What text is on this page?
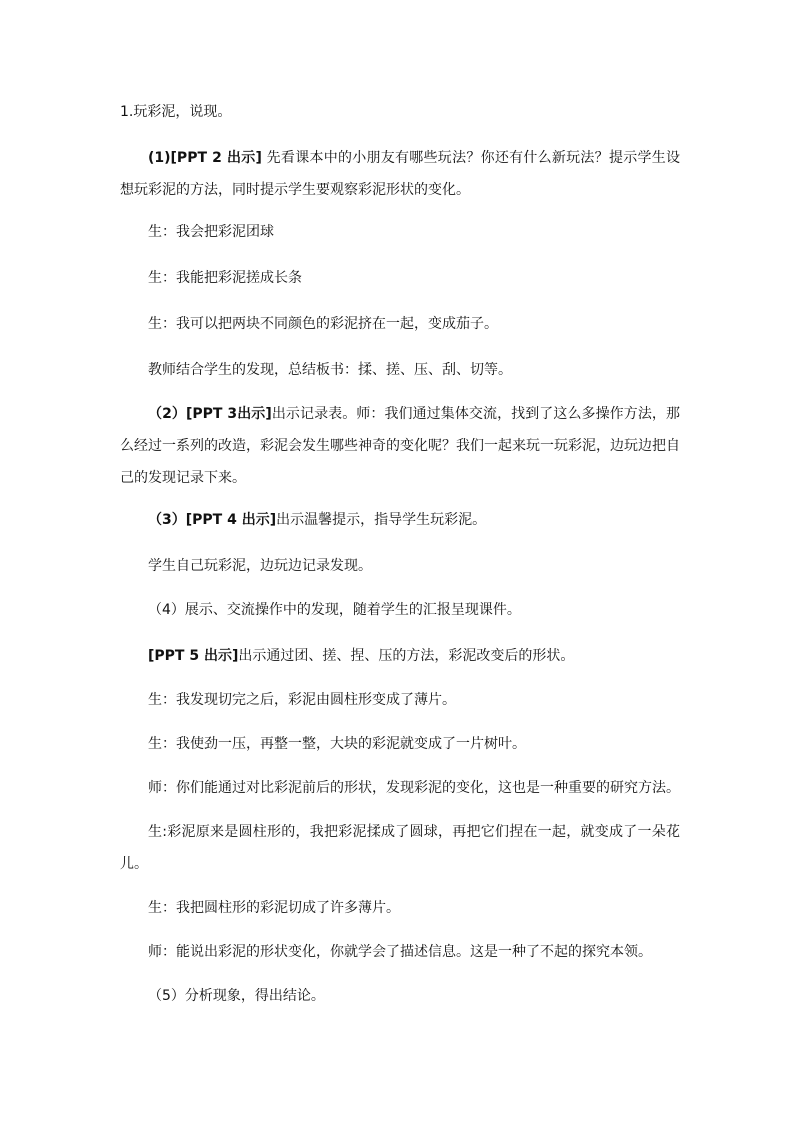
1.玩彩泥，说现。

(1)[PPT 2 出示] 先看课本中的小朋友有哪些玩法？你还有什么新玩法？提示学生设想玩彩泥的方法，同时提示学生要观察彩泥形状的变化。

生：我会把彩泥团球

生：我能把彩泥搓成长条

生：我可以把两块不同颜色的彩泥挤在一起，变成茄子。

教师结合学生的发现，总结板书：揉、搓、压、刮、切等。

（2）[PPT 3出示]出示记录表。师：我们通过集体交流，找到了这么多操作方法，那么经过一系列的改造，彩泥会发生哪些神奇的变化呢？我们一起来玩一玩彩泥，边玩边把自己的发现记录下来。

（3）[PPT 4 出示]出示温馨提示，指导学生玩彩泥。

学生自己玩彩泥，边玩边记录发现。

（4）展示、交流操作中的发现，随着学生的汇报呈现课件。

[PPT 5 出示]出示通过团、搓、捏、压的方法，彩泥改变后的形状。

生：我发现切完之后，彩泥由圆柱形变成了薄片。

生：我使劲一压，再整一整，大块的彩泥就变成了一片树叶。

师：你们能通过对比彩泥前后的形状，发现彩泥的变化，这也是一种重要的研究方法。

生:彩泥原来是圆柱形的，我把彩泥揉成了圆球，再把它们捏在一起，就变成了一朵花儿。

生：我把圆柱形的彩泥切成了许多薄片。

师：能说出彩泥的形状变化，你就学会了描述信息。这是一种了不起的探究本领。

（5）分析现象，得出结论。
